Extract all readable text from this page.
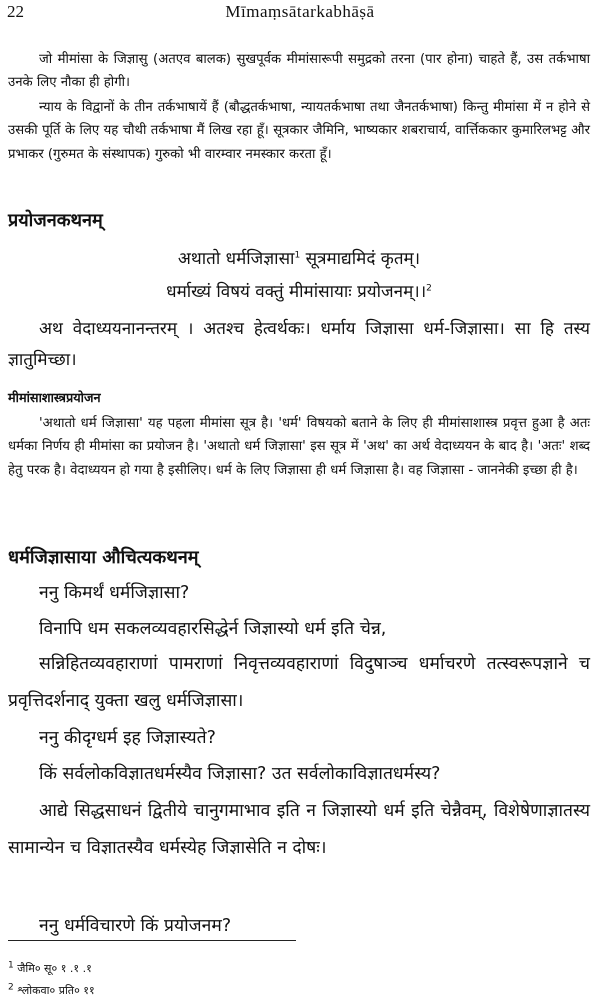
22	Mīmaṃsātarkabhāṣā

जो मीमांसा के जिज्ञासु (अतएव बालक) सुखपूर्वक मीमांसारूपी समुद्रको तरना (पार होना) चाहते हैं, उस तर्कभाषा उनके लिए नौका ही होगी।

न्याय के विद्वानों के तीन तर्कभाषायें हैं (बौद्धतर्कभाषा, न्यायतर्कभाषा तथा जैनतर्कभाषा) किन्तु मीमांसा में न होने से उसकी पूर्ति के लिए यह चौथी तर्कभाषा मैं लिख रहा हूँ। सूत्रकार जैमिनि, भाष्यकार शबराचार्य, वार्त्तिककार कुमारिलभट्ट और प्रभाकर (गुरुमत के संस्थापक) गुरुको भी वारम्वार नमस्कार करता हूँ।

प्रयोजनकथनम्
अथातो धर्मजिज्ञासा$^1$ सूत्रमाद्यमिदं कृतम्।
धर्माख्यं विषयं वक्तुं मीमांसायाः प्रयोजनम्।।$^2$

अथ वेदाध्ययनानन्तरम् । अतश्च हेत्वर्थकः। धर्माय जिज्ञासा धर्म-जिज्ञासा। सा हि तस्य ज्ञातुमिच्छा।

मीमांसाशास्त्रप्रयोजन

'अथातो धर्म जिज्ञासा' यह पहला मीमांसा सूत्र है। 'धर्म' विषयको बताने के लिए ही मीमांसाशास्त्र प्रवृत्त हुआ है अतः धर्मका निर्णय ही मीमांसा का प्रयोजन है। 'अथातो धर्म जिज्ञासा' इस सूत्र में 'अथ' का अर्थ वेदाध्ययन के बाद है। 'अतः' शब्द हेतु परक है। वेदाध्ययन हो गया है इसीलिए। धर्म के लिए जिज्ञासा ही धर्म जिज्ञासा है। वह जिज्ञासा - जाननेकी इच्छा ही है।

धर्मजिज्ञासाया औचित्यकथनम्

ननु किमर्थं धर्मजिज्ञासा?

विनापि धम सकलव्यवहारसिद्धेर्न जिज्ञास्यो धर्म इति चेन्न,

सन्निहितव्यवहाराणां पामराणां निवृत्तव्यवहाराणां विदुषाञ्च धर्माचरणे तत्स्वरूपज्ञाने च प्रवृत्तिदर्शनाद् युक्ता खलु धर्मजिज्ञासा।

ननु कीदृग्धर्म इह जिज्ञास्यते?

किं सर्वलोकविज्ञातधर्मस्यैव जिज्ञासा? उत सर्वलोकाविज्ञातधर्मस्य?

आद्ये सिद्धसाधनं द्वितीये चानुगमाभाव इति न जिज्ञास्यो धर्म इति चेन्नैवम्, विशेषेणाज्ञातस्य सामान्येन च विज्ञातस्यैव धर्मस्येह जिज्ञासेति न दोषः।

ननु धर्मविचारणे किं प्रयोजनम?

$^1$ जैमि० सू० १ .१ .१
$^2$ श्लोकवा० प्रति० ११
